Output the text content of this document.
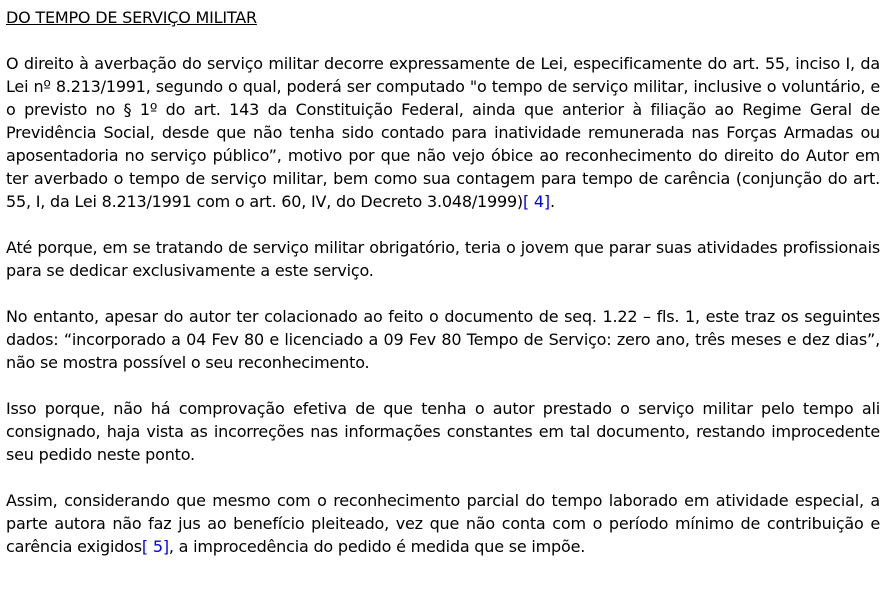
DO TEMPO DE SERVIÇO MILITAR

O direito à averbação do serviço militar decorre expressamente de Lei, especificamente do art. 55, inciso I, da Lei nº 8.213/1991, segundo o qual, poderá ser computado "o tempo de serviço militar, inclusive o voluntário, e o previsto no § 1º do art. 143 da Constituição Federal, ainda que anterior à filiação ao Regime Geral de Previdência Social, desde que não tenha sido contado para inatividade remunerada nas Forças Armadas ou aposentadoria no serviço público”, motivo por que não vejo óbice ao reconhecimento do direito do Autor em ter averbado o tempo de serviço militar, bem como sua contagem para tempo de carência (conjunção do art. 55, I, da Lei 8.213/1991 com o art. 60, IV, do Decreto 3.048/1999)[ 4].

Até porque, em se tratando de serviço militar obrigatório, teria o jovem que parar suas atividades profissionais para se dedicar exclusivamente a este serviço.

No entanto, apesar do autor ter colacionado ao feito o documento de seq. 1.22 – fls. 1, este traz os seguintes dados: “incorporado a 04 Fev 80 e licenciado a 09 Fev 80 Tempo de Serviço: zero ano, três meses e dez dias”, não se mostra possível o seu reconhecimento.

Isso porque, não há comprovação efetiva de que tenha o autor prestado o serviço militar pelo tempo ali consignado, haja vista as incorreções nas informações constantes em tal documento, restando improcedente seu pedido neste ponto.

Assim, considerando que mesmo com o reconhecimento parcial do tempo laborado em atividade especial, a parte autora não faz jus ao benefício pleiteado, vez que não conta com o período mínimo de contribuição e carência exigidos[ 5], a improcedência do pedido é medida que se impõe.
